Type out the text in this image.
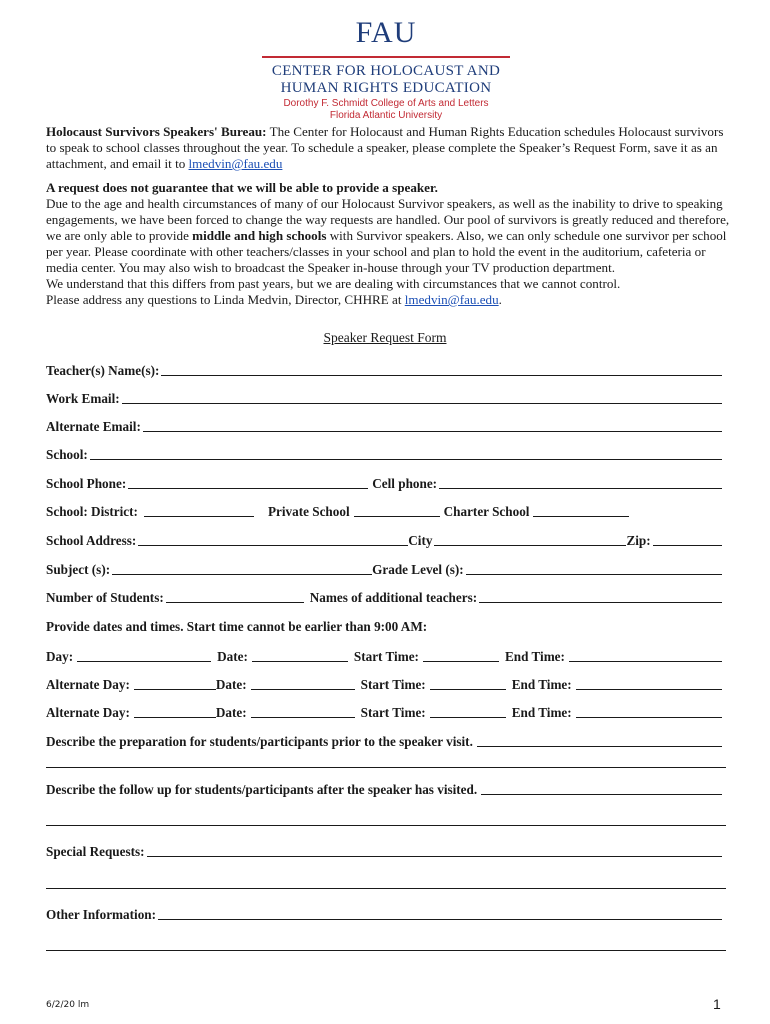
FAU
CENTER FOR HOLOCAUST AND
HUMAN RIGHTS EDUCATION
Dorothy F. Schmidt College of Arts and Letters
Florida Atlantic University
Holocaust Survivors Speakers' Bureau: The Center for Holocaust and Human Rights Education schedules Holocaust survivors to speak to school classes throughout the year. To schedule a speaker, please complete the Speaker’s Request Form, save it as an attachment, and email it to lmedvin@fau.edu
A request does not guarantee that we will be able to provide a speaker.
Due to the age and health circumstances of many of our Holocaust Survivor speakers, as well as the inability to drive to speaking engagements, we have been forced to change the way requests are handled. Our pool of survivors is greatly reduced and therefore, we are only able to provide middle and high schools with Survivor speakers. Also, we can only schedule one survivor per school per year. Please coordinate with other teachers/classes in your school and plan to hold the event in the auditorium, cafeteria or media center. You may also wish to broadcast the Speaker in-house through your TV production department.
We understand that this differs from past years, but we are dealing with circumstances that we cannot control.
Please address any questions to Linda Medvin, Director, CHHRE at lmedvin@fau.edu.
Speaker Request Form
Teacher(s) Name(s):
Work Email:
Alternate Email:
School:
School Phone:	Cell phone:
School: District:	Private School	Charter School
School Address:	City	Zip:
Subject (s):	Grade Level (s):
Number of Students:	Names of additional teachers:
Provide dates and times. Start time cannot be earlier than 9:00 AM:
Day:	Date:	Start Time:	End Time:
Alternate Day:	Date:	Start Time:	End Time:
Alternate Day:	Date:	Start Time:	End Time:
Describe the preparation for students/participants prior to the speaker visit.
Describe the follow up for students/participants after the speaker has visited.
Special Requests:
Other Information:
6/2/20 lm	1
